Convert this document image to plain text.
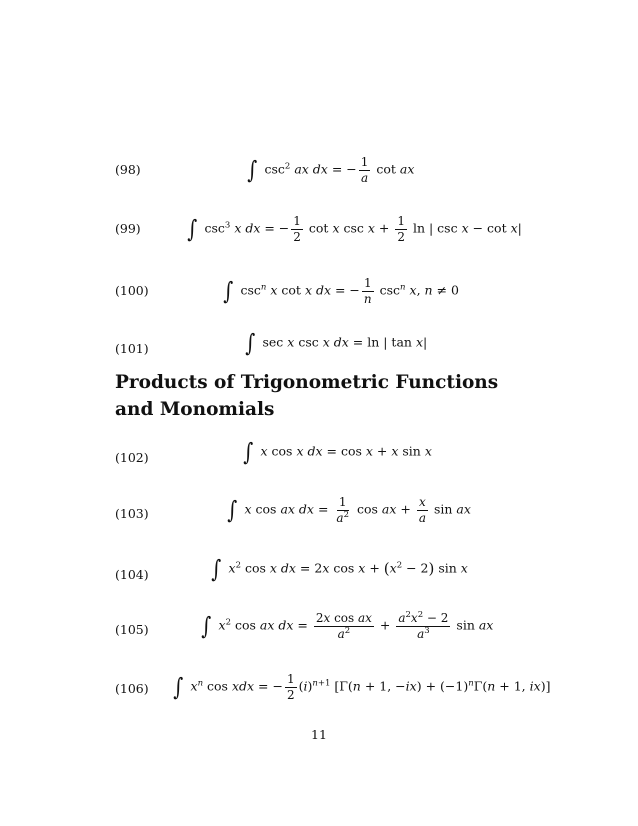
(98)	∫ $\csc^2$ ax dx = − $\frac{1}{a}$ cot ax
(99) ∫ $\csc^3 x$ dx = − $\frac{1}{2}$ cot x $\csc x + \frac{1}{2}$ ln | csc x − cot x|
(100)	∫ $\csc^n x$ cot x dx = − $\frac{1}{n} \csc^n x$, n ≠ 0
(101)	∫ sec x csc x dx = ln | tan x|
Products of Trigonometric Functions and Monomials
(102)	∫ x cos x dx = cos x + x sin x
(103)	∫ x cos ax dx = $\frac{1}{a^2}$ cos ax + $\frac{x}{a}$ sin ax
(104)	∫ $x^2$ cos x dx = 2x $\cos x + (x^2 - 2)$ sin x
(105) ∫ $x^2$ cos ax dx = $\frac{\text{2x cos ax}}{a^2} + \frac{a^2x^2 - 2}{a^3}$ sin ax
(106) ∫ $x^n$ cos xdx = − $\frac{1}{2} (i)^{n+1}$ [Γ(n + 1, $-ix) + (-1)^n\Gamma(n + 1$, ix)]
11
